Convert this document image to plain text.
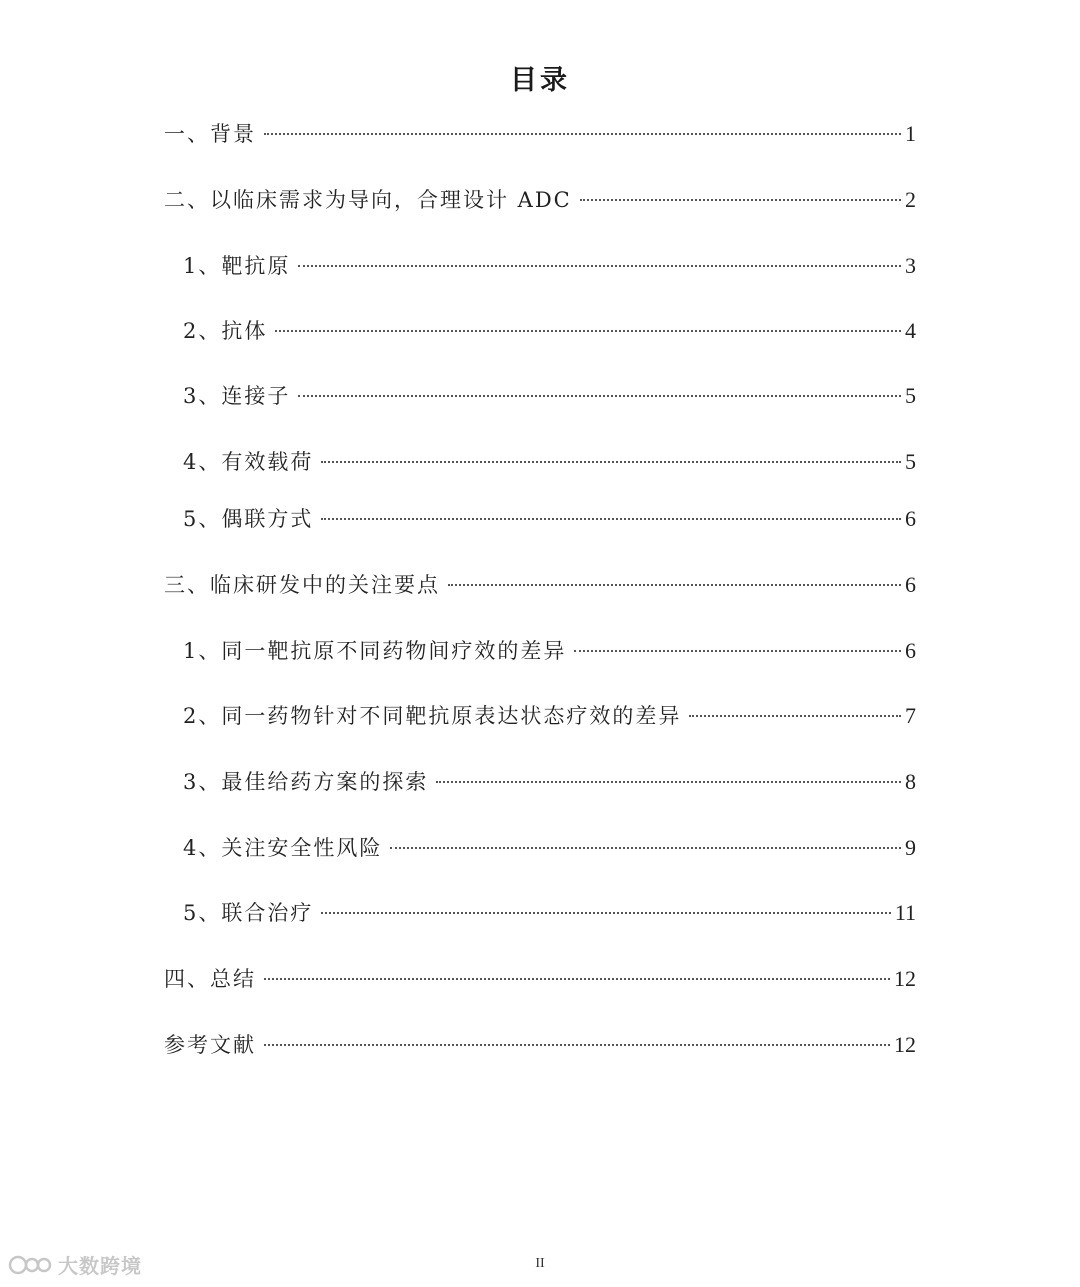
目录
一、背景	1
二、以临床需求为导向，合理设计 ADC	2
1、靶抗原	3
2、抗体	4
3、连接子	5
4、有效载荷	5
5、偶联方式	6
三、临床研发中的关注要点	6
1、同一靶抗原不同药物间疗效的差异	6
2、同一药物针对不同靶抗原表达状态疗效的差异	7
3、最佳给药方案的探索	8
4、关注安全性风险	9
5、联合治疗	11
四、总结	12
参考文献	12
II
大数跨境
